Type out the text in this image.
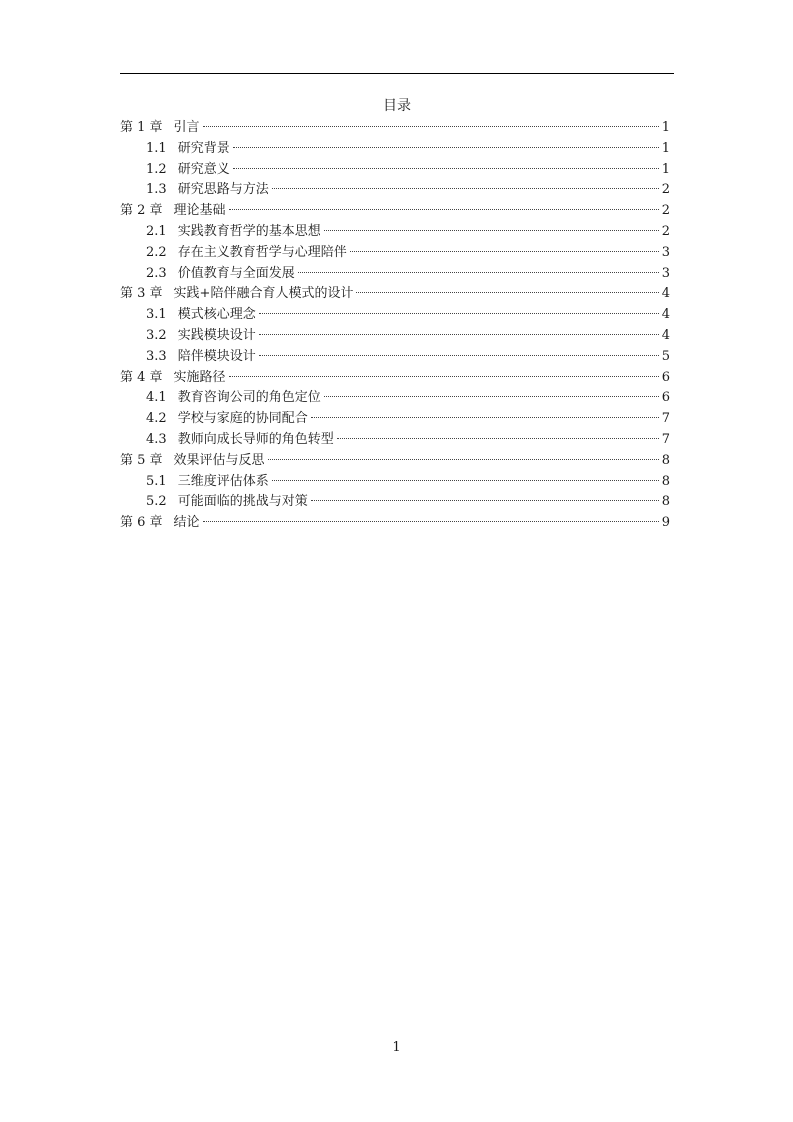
目录
第 1 章 引言	1
1.1 研究背景	1
1.2 研究意义	1
1.3 研究思路与方法	2
第 2 章 理论基础	2
2.1 实践教育哲学的基本思想	2
2.2 存在主义教育哲学与心理陪伴	3
2.3 价值教育与全面发展	3
第 3 章 实践+陪伴融合育人模式的设计	4
3.1 模式核心理念	4
3.2 实践模块设计	4
3.3 陪伴模块设计	5
第 4 章 实施路径	6
4.1 教育咨询公司的角色定位	6
4.2 学校与家庭的协同配合	7
4.3 教师向成长导师的角色转型	7
第 5 章 效果评估与反思	8
5.1 三维度评估体系	8
5.2 可能面临的挑战与对策	8
第 6 章 结论	9
1
